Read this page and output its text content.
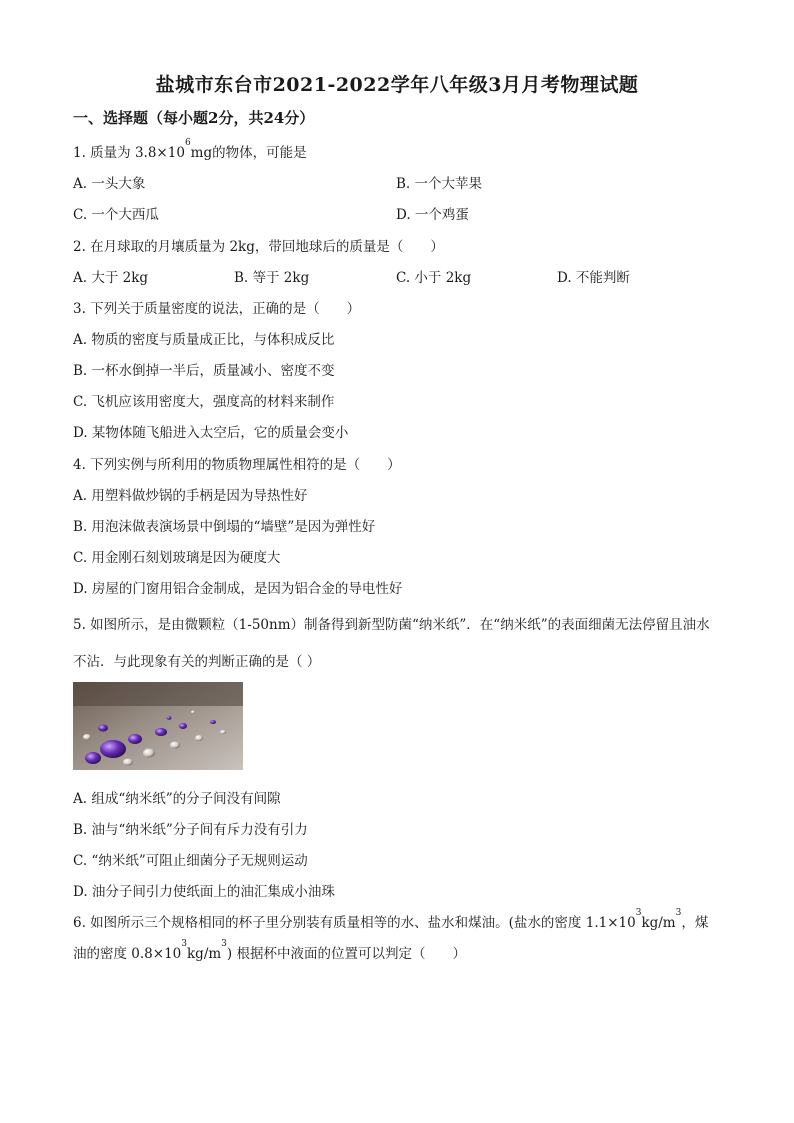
盐城市东台市2021-2022学年八年级3月月考物理试题
一、选择题（每小题2分，共24分）
1. 质量为 $3.8\times 10^6mg$的物体，可能是
A. 一头大象	B. 一个大苹果
C. 一个大西瓜	D. 一个鸡蛋
2. 在月球取的月壤质量为 2kg，带回地球后的质量是（　　）
A. 大于 2kg	B. 等于 2kg	C. 小于 2kg	D. 不能判断
3. 下列关于质量密度的说法，正确的是（　　）
A. 物质的密度与质量成正比，与体积成反比
B. 一杯水倒掉一半后，质量减小、密度不变
C. 飞机应该用密度大，强度高的材料来制作
D. 某物体随飞船进入太空后，它的质量会变小
4. 下列实例与所利用的物质物理属性相符的是（　　）
A. 用塑料做炒锅的手柄是因为导热性好
B. 用泡沫做表演场景中倒塌的“墙壁”是因为弹性好
C. 用金刚石刻划玻璃是因为硬度大
D. 房屋的门窗用铝合金制成，是因为铝合金的导电性好
5. 如图所示，是由微颗粒（1-50nm）制备得到新型防菌“纳米纸”．在“纳米纸”的表面细菌无法停留且油水
不沾．与此现象有关的判断正确的是（ ）
A. 组成“纳米纸”的分子间没有间隙
B. 油与“纳米纸”分子间有斥力没有引力
C. “纳米纸”可阻止细菌分子无规则运动
D. 油分子间引力使纸面上的油汇集成小油珠
6. 如图所示三个规格相同的杯子里分别装有质量相等的水、盐水和煤油。(盐水的密度 $1.1\times 10^3kg/m^3$，煤
油的密度 $0.8\times 10^3kg/m^3$) 根据杯中液面的位置可以判定（　　）
